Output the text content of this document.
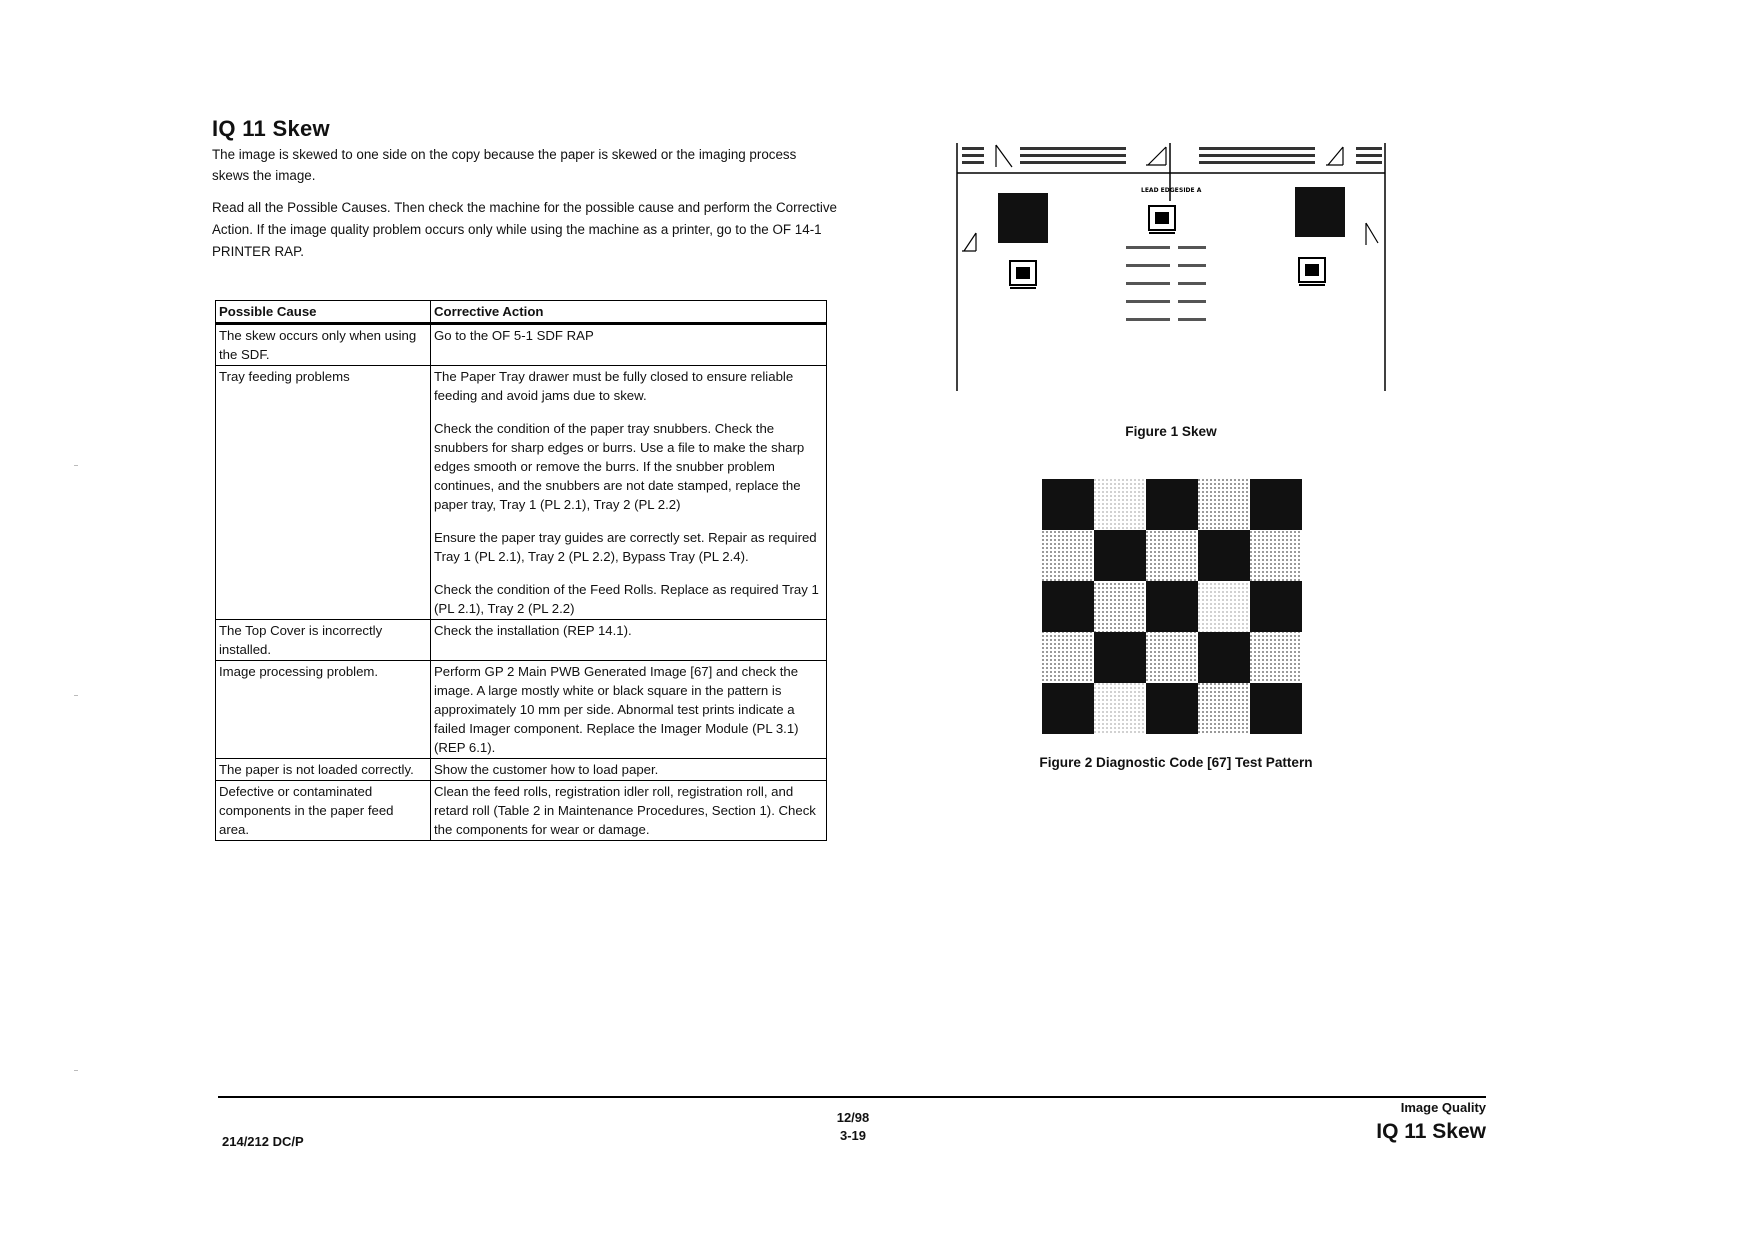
IQ 11 Skew
The image is skewed to one side on the copy because the paper is skewed or the imaging process skews the image.
Read all the Possible Causes. Then check the machine for the possible cause and perform the Corrective Action. If the image quality problem occurs only while using the machine as a printer, go to the OF 14-1 PRINTER RAP.
Possible Cause	Corrective Action
The skew occurs only when using the SDF.	Go to the OF 5-1 SDF RAP

Tray feeding problems	The Paper Tray drawer must be fully closed to ensure reliable feeding and avoid jams due to skew.

Check the condition of the paper tray snubbers. Check the snubbers for sharp edges or burrs. Use a file to make the sharp edges smooth or remove the burrs. If the snubber problem continues, and the snubbers are not date stamped, replace the paper tray, Tray 1 (PL 2.1), Tray 2 (PL 2.2)

Ensure the paper tray guides are correctly set. Repair as required Tray 1 (PL 2.1), Tray 2 (PL 2.2), Bypass Tray (PL 2.4).

Check the condition of the Feed Rolls. Replace as required Tray 1 (PL 2.1), Tray 2 (PL 2.2)

The Top Cover is incorrectly installed.	Check the installation (REP 14.1).

Image processing problem.	Perform GP 2 Main PWB Generated Image [67] and check the image. A large mostly white or black square in the pattern is approximately 10 mm per side. Abnormal test prints indicate a failed Imager component. Replace the Imager Module (PL 3.1) (REP 6.1).

The paper is not loaded correctly.	Show the customer how to load paper.

Defective or contaminated components in the paper feed area.	Clean the feed rolls, registration idler roll, registration roll, and retard roll (Table 2 in Maintenance Procedures, Section 1). Check the components for wear or damage.

LEAD EDGE SIDE A
Figure 1 Skew
Figure 2 Diagnostic Code [67] Test Pattern
214/212 DC/P
12/98
3-19
Image Quality
IQ 11 Skew
